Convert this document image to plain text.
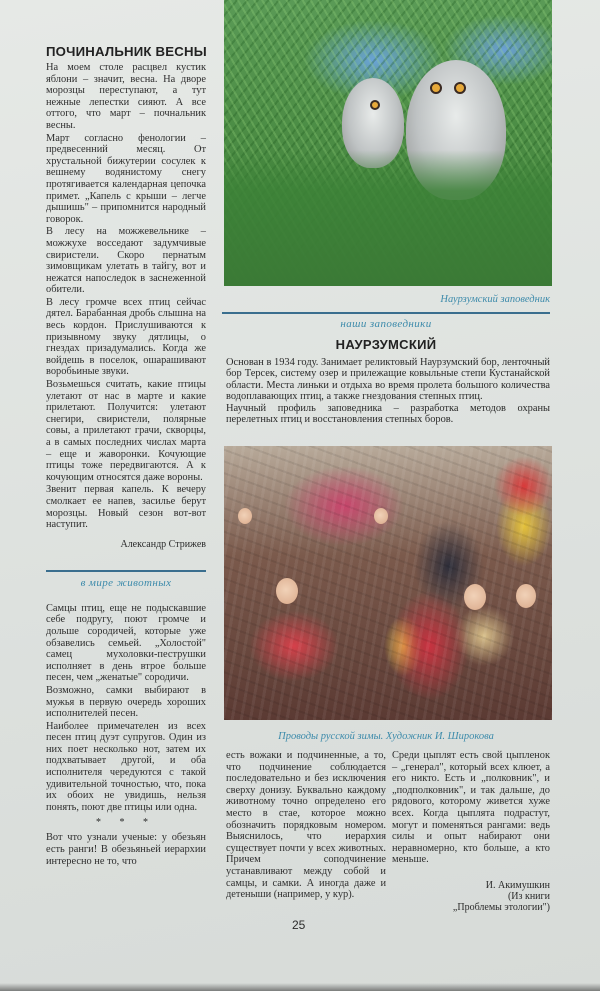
ПОЧИНАЛЬНИК ВЕСНЫ

На моем столе расцвел кустик яблони – значит, весна. На дворе морозцы переступают, а тут нежные лепестки сияют. А все оттого, что март – почнальник весны.

Март согласно фенологии – предвесенний месяц. От хрустальной бижутерии сосулек к вешнему водянистому снегу протягивается календарная цепочка примет. „Капель с крыши – легче дышишь" – припомнится народный говорок.

В лесу на можжевельнике – можжухе восседают задумчивые свиристели. Скоро пернатым зимовщикам улетать в тайгу, вот и нежатся напоследок в заснеженной обители.

В лесу громче всех птиц сейчас дятел. Барабанная дробь слышна на весь кордон. Прислушиваются к призывному звуку дятлицы, о гнездах призадумались. Когда же войдешь в поселок, ошарашивают воробьиные звуки.

Возьмешься считать, какие птицы улетают от нас в марте и какие прилетают. Получится: улетают снегири, свиристели, полярные совы, а прилетают грачи, скворцы, а в самых последних числах марта – еще и жаворонки. Кочующие птицы тоже передвигаются. А к кочующим относятся даже вороны.

Звенит первая капель. К вечеру смолкает ее напев, засильe берут морозцы. Новый сезон вот-вот наступит.

Александр Стрижев
в мире животных

Самцы птиц, еще не подыскавшие себе подругу, поют громче и дольше сородичей, которые уже обзавелись семьей. „Холостой" самец мухоловки-пеструшки исполняет в день втрое больше песен, чем „женатые" сородичи.

Возможно, самки выбирают в мужья в первую очередь хороших исполнителей песен.

Наиболее примечателен из всех песен птиц дуэт супругов. Один из них поет несколько нот, затем их подхватывает другой, и оба исполнителя чередуются с такой удивительной точностью, что, пока их обоих не увидишь, нельзя понять, поют две птицы или одна.

* * *
Вот что узнали ученые: у обезьян есть ранги! В обезьяньей иерархии интересно не то, что
Наурзумский заповедник
наши заповедники
НАУРЗУМСКИЙ

Основан в 1934 году. Занимает реликтовый Наурзумский бор, ленточный бор Терсек, систему озер и прилежащие ковыльные степи Кустанайской области. Места линьки и отдыха во время пролета большого количества водоплавающих птиц, а также гнездования степных птиц.

Научный профиль заповедника – разработка методов охраны перелетных птиц и восстановления степных боров.

Проводы русской зимы. Художник И. Широкова
есть вожаки и подчиненные, а то, что подчинение соблюдается последовательно и без исключения сверху донизу. Буквально каждому животному точно определено его место в стае, которое можно обозначить порядковым номером. Выяснилось, что иерархия существует почти у всех животных. Причем соподчинение устанавливают между собой и самцы, и самки. А иногда даже и детеныши (например, у кур).
Среди цыплят есть свой цыпленок – „генерал", который всех клюет, а его никто. Есть и „полковник", и „подполковник", и так дальше, до рядового, которому живется хуже всех. Когда цыплята подрастут, могут и поменяться рангами: ведь силы и опыт набирают они неравномерно, кто больше, а кто меньше.
И. Акимушкин
(Из книги
„Проблемы этологии")
25
